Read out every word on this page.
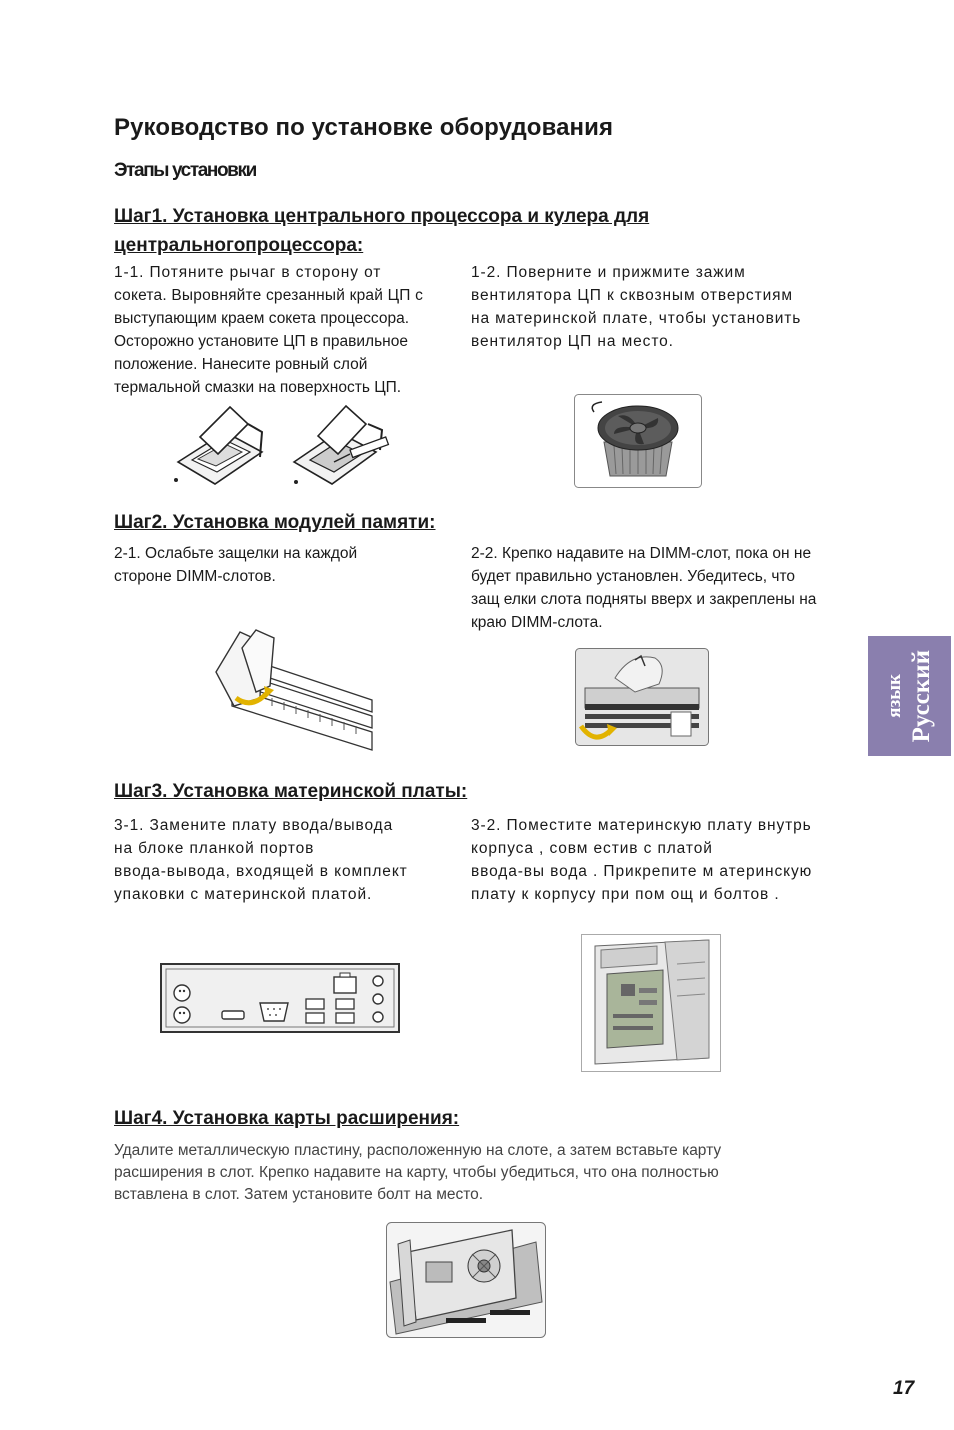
Руководство по установке оборудования
Этапы установки

Шаг1. Установка центрального процессора и кулера для

центральногопроцессора:

1-1. Потяните рычаг в сторону от

сокета. Выровняйте срезанный край ЦП с

выступающим краем сокета процессора.

Осторожно установите ЦП в правильное

положение. Нанесите ровный слой

термальной смазки на поверхность ЦП.

1-2. Поверните и прижмите зажим

вентилятора ЦП к сквозным отверстиям

на материнской плате, чтобы установить

вентилятор ЦП на место.

Шаг2. Установка модулей памяти:

2-1. Ослабьте защелки на каждой

стороне DIMM-слотов.

2-2. Крепко надавите на DIMM-слот, пока он не

будет правильно установлен. Убедитесь, что

защ елки слота подняты вверх и закреплены на

краю DIMM-слота.

Русский
язык

Шаг3. Установка материнской платы:

3-1. Замените плату ввода/вывода

на блоке планкой портов

ввода-вывода, входящей в комплект

упаковки с материнской платой.

3-2. Поместите материнскую плату внутрь

корпуса , совм естив с платой

ввода-вы вода . Прикрепите м атеринскую

плату к корпусу при пом ощ и болтов .

Шаг4. Установка карты расширения:

Удалите металлическую пластину, расположенную на слоте, а затем вставьте карту

расширения в слот. Крепко надавите на карту, чтобы убедиться, что она полностью

вставлена в слот. Затем установите болт на место.

17
